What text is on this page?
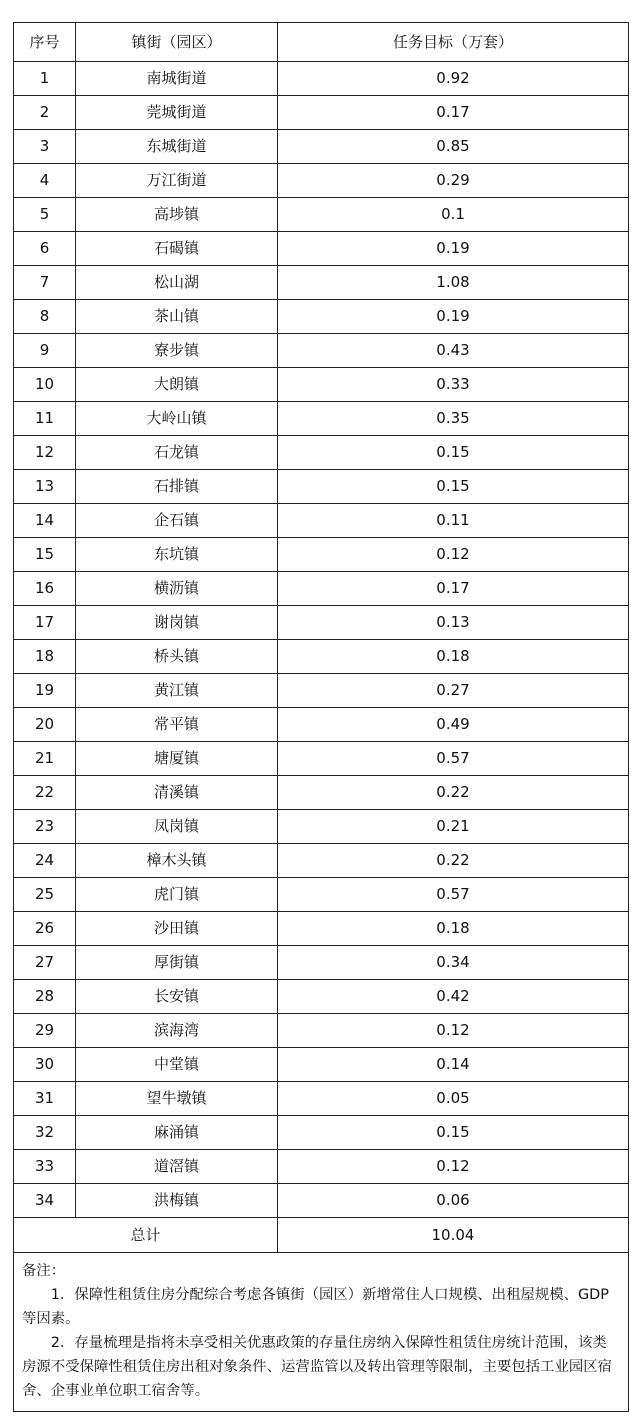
序号	镇街（园区）	任务目标（万套）
1	南城街道	0.92
2	莞城街道	0.17
3	东城街道	0.85
4	万江街道	0.29
5	高埗镇	0.1
6	石碣镇	0.19
7	松山湖	1.08
8	茶山镇	0.19
9	寮步镇	0.43
10	大朗镇	0.33
11	大岭山镇	0.35
12	石龙镇	0.15
13	石排镇	0.15
14	企石镇	0.11
15	东坑镇	0.12
16	横沥镇	0.17
17	谢岗镇	0.13
18	桥头镇	0.18
19	黄江镇	0.27
20	常平镇	0.49
21	塘厦镇	0.57
22	清溪镇	0.22
23	凤岗镇	0.21
24	樟木头镇	0.22
25	虎门镇	0.57
26	沙田镇	0.18
27	厚街镇	0.34
28	长安镇	0.42
29	滨海湾	0.12
30	中堂镇	0.14
31	望牛墩镇	0.05
32	麻涌镇	0.15
33	道滘镇	0.12
34	洪梅镇	0.06
总计		10.04

备注：

1．保障性租赁住房分配综合考虑各镇街（园区）新增常住人口规模、出租屋规模、GDP 等因素。

2．存量梳理是指将未享受相关优惠政策的存量住房纳入保障性租赁住房统计范围，该类房源不受保障性租赁住房出租对象条件、运营监管以及转出管理等限制，主要包括工业园区宿舍、企事业单位职工宿舍等。		
